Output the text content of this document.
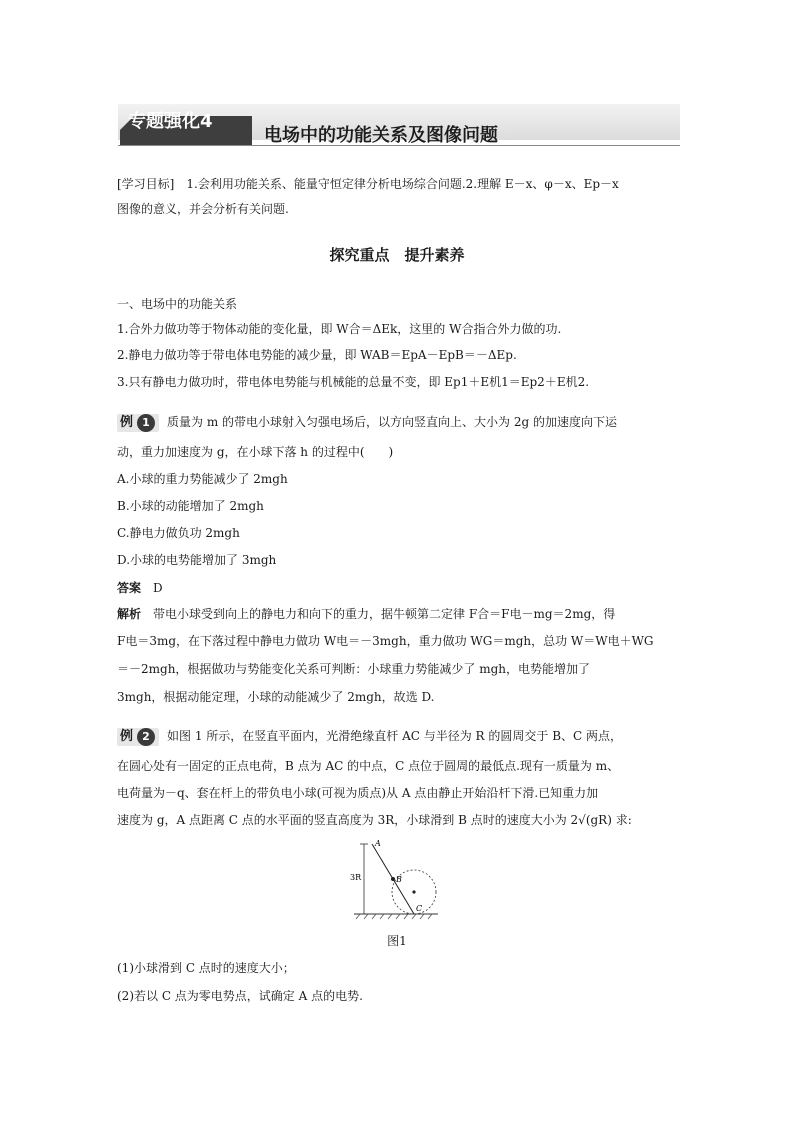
专题强化4
电场中的功能关系及图像问题
[学习目标]　1.会利用功能关系、能量守恒定律分析电场综合问题.2.理解 E－x、φ－x、Ep－x
图像的意义，并会分析有关问题.
探究重点　提升素养
一、电场中的功能关系
1.合外力做功等于物体动能的变化量，即 W合＝ΔEk，这里的 W合指合外力做的功.
2.静电力做功等于带电体电势能的减少量，即 WAB＝EpA－EpB＝－ΔEp.
3.只有静电力做功时，带电体电势能与机械能的总量不变，即 Ep1＋E机1＝Ep2＋E机2.
例 1	质量为 m 的带电小球射入匀强电场后，以方向竖直向上、大小为 2g 的加速度向下运
动，重力加速度为 g，在小球下落 h 的过程中(　　)
A.小球的重力势能减少了 2mgh
B.小球的动能增加了 2mgh
C.静电力做负功 2mgh
D.小球的电势能增加了 3mgh
答案　 D
解析　 带电小球受到向上的静电力和向下的重力，据牛顿第二定律 F合＝F电－mg＝2mg，得
F电＝3mg，在下落过程中静电力做功 W电＝－3mgh，重力做功 WG＝mgh，总功 W＝W电＋WG
＝－2mgh，根据做功与势能变化关系可判断：小球重力势能减少了 mgh，电势能增加了
3mgh，根据动能定理，小球的动能减少了 2mgh，故选 D.
例 2	如图 1 所示，在竖直平面内，光滑绝缘直杆 AC 与半径为 R 的圆周交于 B、C 两点，
在圆心处有一固定的正点电荷，B 点为 AC 的中点，C 点位于圆周的最低点.现有一质量为 m、
电荷量为－q、套在杆上的带负电小球(可视为质点)从 A 点由静止开始沿杆下滑.已知重力加
速度为 g，A 点距离 C 点的水平面的竖直高度为 3R，小球滑到 B 点时的速度大小为 2√(gR) 求:
3R
A
B
C
图1
(1)小球滑到 C 点时的速度大小；
(2)若以 C 点为零电势点，试确定 A 点的电势.
